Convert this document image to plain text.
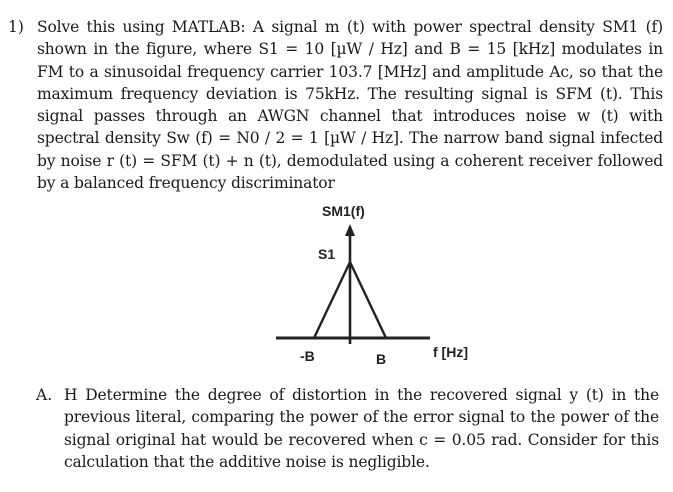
1) Solve this using MATLAB: A signal m (t) with power spectral density SM1 (f) shown in the figure, where S1 = 10 [µW / Hz] and B = 15 [kHz] modulates in FM to a sinusoidal frequency carrier 103.7 [MHz] and amplitude Ac, so that the maximum frequency deviation is 75kHz. The resulting signal is SFM (t). This signal passes through an AWGN channel that introduces noise w (t) with spectral density Sw (f) = N0 / 2 = 1 [µW / Hz]. The narrow band signal infected by noise r (t) = SFM (t) + n (t), demodulated using a coherent receiver followed by a balanced frequency discriminator
SM1(f)
S1
-B	B	f [Hz]
A. H Determine the degree of distortion in the recovered signal y (t) in the previous literal, comparing the power of the error signal to the power of the signal original hat would be recovered when c = 0.05 rad. Consider for this calculation that the additive noise is negligible.
